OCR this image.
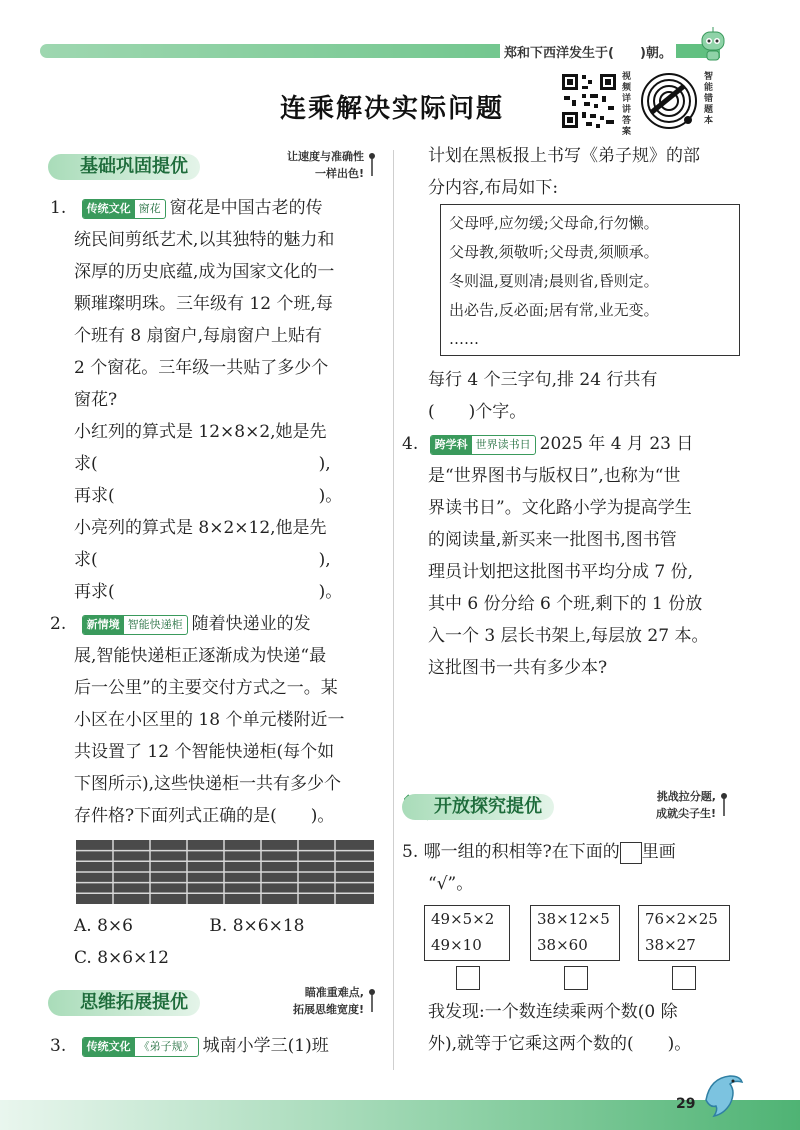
郑和下西洋发生于(　　)朝。
连乘解决实际问题
视
频
详
讲
答
案
智
能
错
题
本
基础巩固提优	让速度与准确性
一样出色!
1. 传统文化 窗花 窗花是中国古老的传
统民间剪纸艺术,以其独特的魅力和
深厚的历史底蕴,成为国家文化的一
颗璀璨明珠。三年级有 12 个班,每
个班有 8 扇窗户,每扇窗户上贴有
2 个窗花。三年级一共贴了多少个
窗花?
小红列的算式是 12×8×2,她是先
求(　　　　　　　　　　　　　),
再求(　　　　　　　　　　　　)。
小亮列的算式是 8×2×12,他是先
求(　　　　　　　　　　　　　),
再求(　　　　　　　　　　　　)。
2. 新情境 智能快递柜 随着快递业的发
展,智能快递柜正逐渐成为快递“最
后一公里”的主要交付方式之一。某
小区在小区里的 18 个单元楼附近一
共设置了 12 个智能快递柜(每个如
下图所示),这些快递柜一共有多少个
存件格?下面列式正确的是(　　)。
A. 8×6	B. 8×6×18
C. 8×6×12
思维拓展提优	瞄准重难点,
拓展思维宽度!
3. 传统文化 《弟子规》 城南小学三(1)班
计划在黑板报上书写《弟子规》的部
分内容,布局如下:
父母呼,应勿缓;父母命,行勿懒。
父母教,须敬听;父母责,须顺承。
冬则温,夏则凊;晨则省,昏则定。
出必告,反必面;居有常,业无变。
……
每行 4 个三字句,排 24 行共有
(　　)个字。
4. 跨学科 世界读书日 2025 年 4 月 23 日
是“世界图书与版权日”,也称为“世
界读书日”。文化路小学为提高学生
的阅读量,新买来一批图书,图书管
理员计划把这批图书平均分成 7 份,
其中 6 份分给 6 个班,剩下的 1 份放
入一个 3 层长书架上,每层放 27 本。
这批图书一共有多少本?
开放探究提优	挑战拉分题,
成就尖子生!
5. 哪一组的积相等?在下面的 里画
“√”。
49×5×2
49×10
38×12×5
38×60
76×2×25
38×27
我发现:一个数连续乘两个数(0 除
外),就等于它乘这两个数的(　　)。
29
